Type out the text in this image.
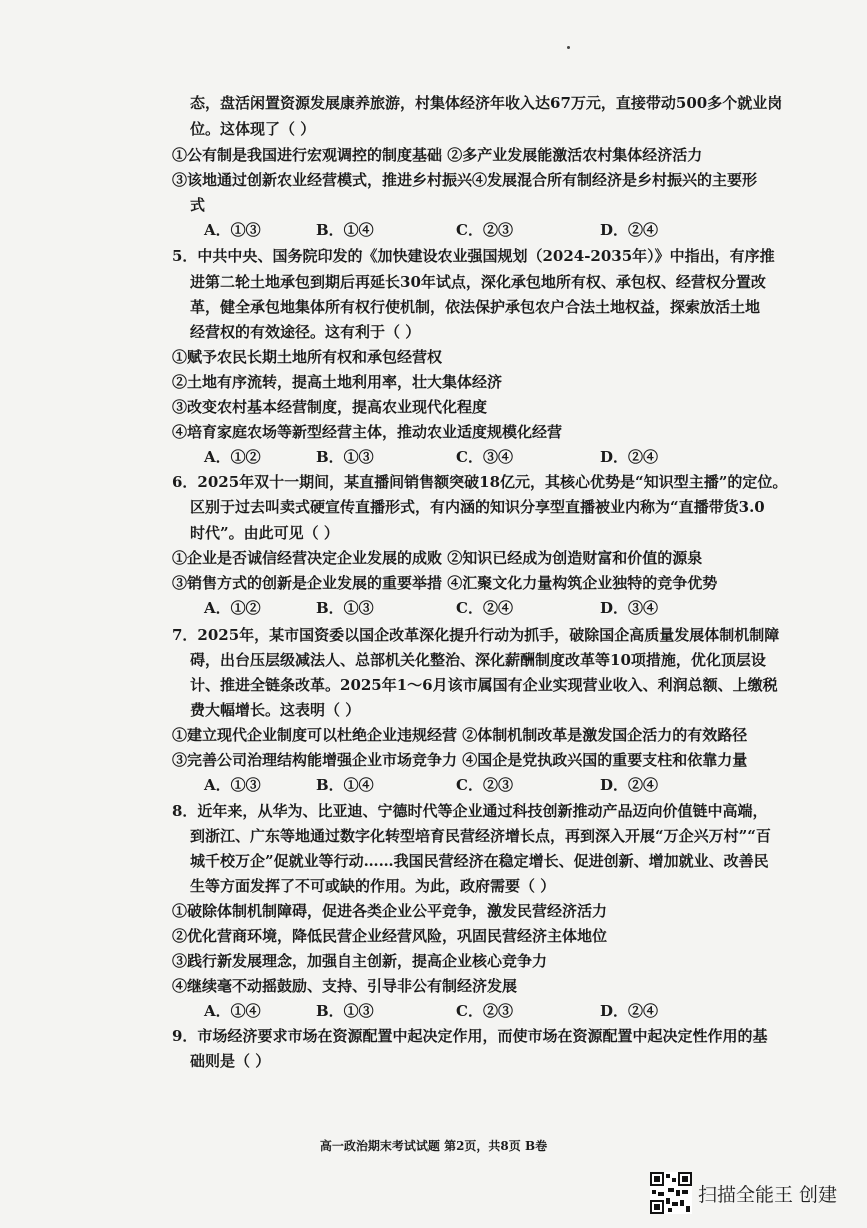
态，盘活闲置资源发展康养旅游，村集体经济年收入达67万元，直接带动500多个就业岗
位。这体现了（ ）
①公有制是我国进行宏观调控的制度基础 ②多产业发展能激活农村集体经济活力
③该地通过创新农业经营模式，推进乡村振兴④发展混合所有制经济是乡村振兴的主要形
式
A．①③	B．①④	C．②③	D．②④
5．中共中央、国务院印发的《加快建设农业强国规划（2024-2035年）》中指出，有序推
进第二轮土地承包到期后再延长30年试点，深化承包地所有权、承包权、经营权分置改
革，健全承包地集体所有权行使机制，依法保护承包农户合法土地权益，探索放活土地
经营权的有效途径。这有利于（ ）
①赋予农民长期土地所有权和承包经营权
②土地有序流转，提高土地利用率，壮大集体经济
③改变农村基本经营制度，提高农业现代化程度
④培育家庭农场等新型经营主体，推动农业适度规模化经营
A．①②	B．①③	C．③④	D．②④
6．2025年双十一期间，某直播间销售额突破18亿元，其核心优势是“知识型主播”的定位。
区别于过去叫卖式硬宣传直播形式，有内涵的知识分享型直播被业内称为“直播带货3.0
时代”。由此可见（ ）
①企业是否诚信经营决定企业发展的成败 ②知识已经成为创造财富和价值的源泉
③销售方式的创新是企业发展的重要举措 ④汇聚文化力量构筑企业独特的竞争优势
A．①②	B．①③	C．②④	D．③④
7．2025年，某市国资委以国企改革深化提升行动为抓手，破除国企高质量发展体制机制障
碍，出台压层级减法人、总部机关化整治、深化薪酬制度改革等10项措施，优化顶层设
计、推进全链条改革。2025年1～6月该市属国有企业实现营业收入、利润总额、上缴税
费大幅增长。这表明（ ）
①建立现代企业制度可以杜绝企业违规经营 ②体制机制改革是激发国企活力的有效路径
③完善公司治理结构能增强企业市场竞争力 ④国企是党执政兴国的重要支柱和依靠力量
A．①③	B．①④	C．②③	D．②④
8．近年来，从华为、比亚迪、宁德时代等企业通过科技创新推动产品迈向价值链中高端，
到浙江、广东等地通过数字化转型培育民营经济增长点，再到深入开展“万企兴万村”“百
城千校万企”促就业等行动……我国民营经济在稳定增长、促进创新、增加就业、改善民
生等方面发挥了不可或缺的作用。为此，政府需要（ ）
①破除体制机制障碍，促进各类企业公平竞争，激发民营经济活力
②优化营商环境，降低民营企业经营风险，巩固民营经济主体地位
③践行新发展理念，加强自主创新，提高企业核心竞争力
④继续毫不动摇鼓励、支持、引导非公有制经济发展
A．①④	B．①③	C．②③	D．②④
9．市场经济要求市场在资源配置中起决定作用，而使市场在资源配置中起决定性作用的基
础则是（ ）
高一政治期末考试试题 第2页，共8页 B卷
扫描全能王 创建
